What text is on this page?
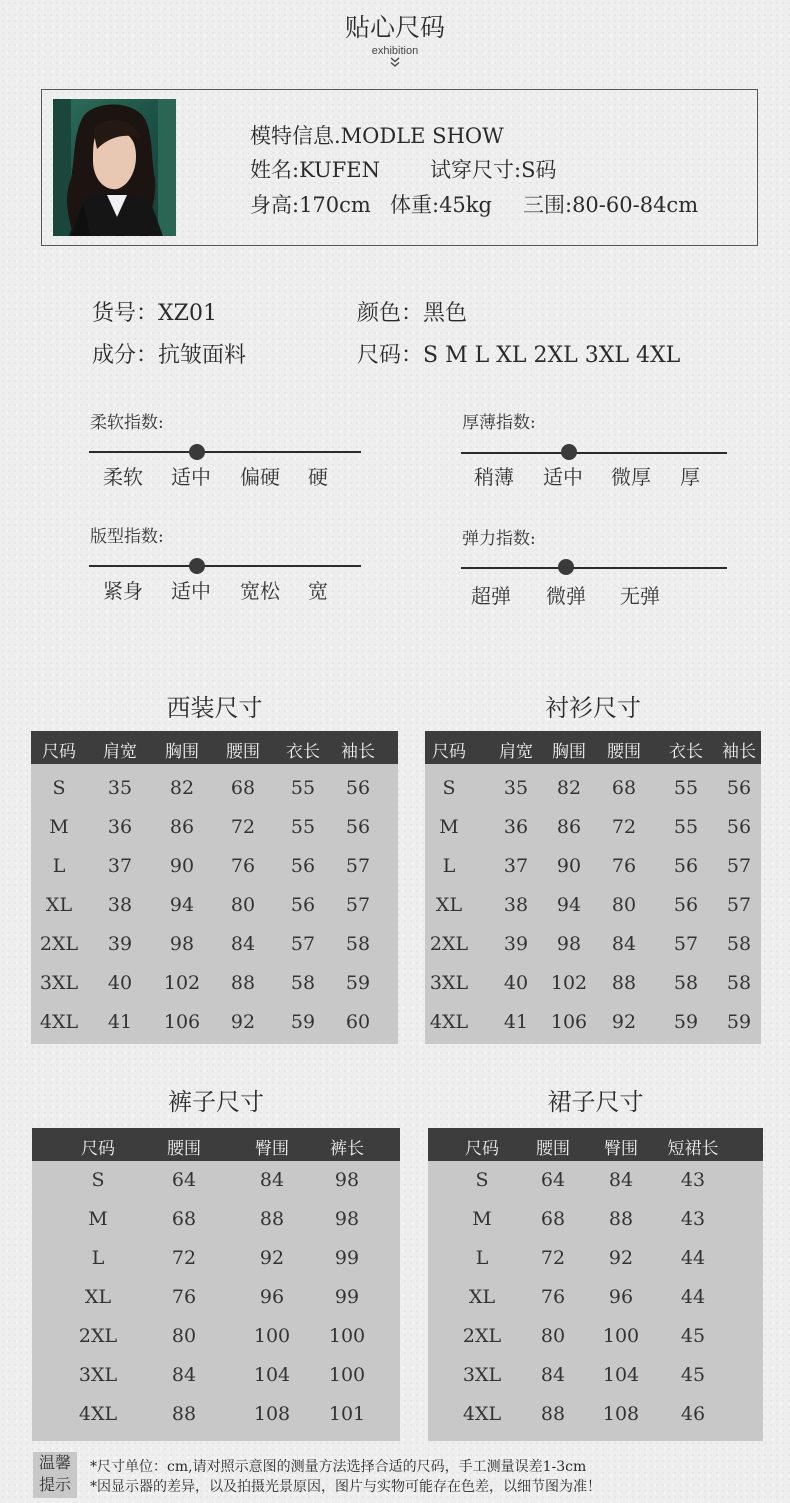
贴心尺码
exhibition
模特信息.MODLE SHOW
姓名:KUFEN 试穿尺寸:S码
身高:170cm 体重:45kg 三围:80-60-84cm
货号：XZ01	颜色：黑色
成分：抗皱面料	尺码：S M L XL 2XL 3XL 4XL
柔软指数:
柔软 适中 偏硬 硬
厚薄指数:
稍薄 适中 微厚 厚
版型指数:
紧身 适中 宽松 宽
弹力指数:
超弹 微弹 无弹
西装尺寸
尺码 肩宽 胸围 腰围 衣长 袖长
S 35 82 68 55 56
M 36 86 72 55 56
L 37 90 76 56 57
XL 38 94 80 56 57
2XL 39 98 84 57 58
3XL 40 102 88 58 59
4XL 41 106 92 59 60
衬衫尺寸
尺码 肩宽 胸围 腰围 衣长 袖长
S	35 82 68 55 56
M 36 86 72 55 56
L	37 90 76 56 57
XL 38 94 80 56 57
2XL 39 98 84 57 58
3XL 40 102 88 58 58
4XL 41 106 92 59 59
裤子尺寸
尺码	腰围	臀围 裤长
S	64	84	98
M	68	88	98
L	72	92	99
XL	76	96	99
2XL	80	100 100
3XL	84	104 100
4XL	88	108 101
裙子尺寸
尺码 腰围 臀围 短裙长
S	64 84	43
M	68 88	43
L	72 92	44
XL 76 96	44
2XL 80 100 45
3XL 84 104 45
4XL 88 108 46
温馨
提示
*尺寸单位：cm,请对照示意图的测量方法选择合适的尺码，手工测量误差1-3cm
*因显示器的差异，以及拍摄光景原因，图片与实物可能存在色差，以细节图为准！
